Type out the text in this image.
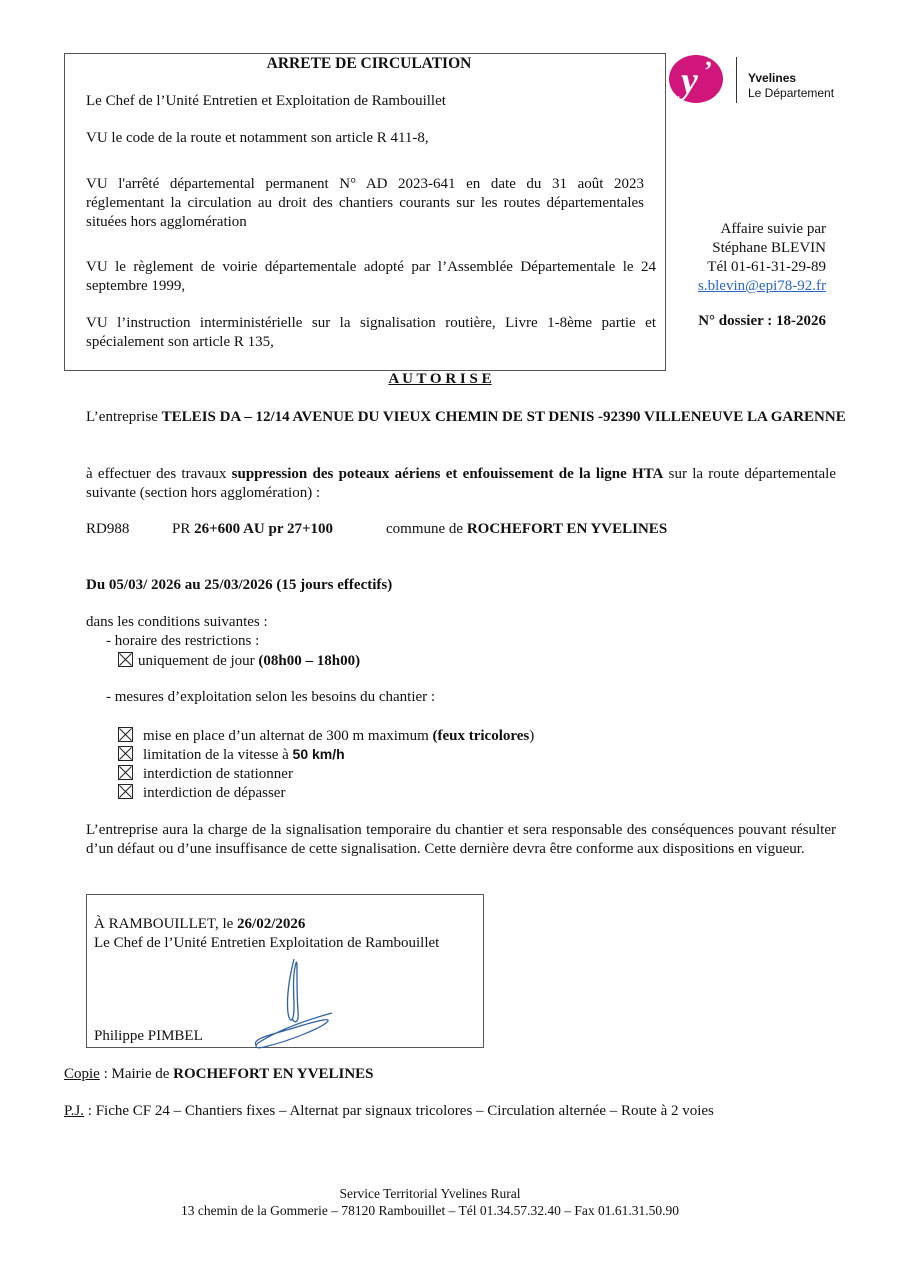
ARRETE DE CIRCULATION

Le Chef de l’Unité Entretien et Exploitation de Rambouillet

VU le code de la route et notamment son article R 411-8,

VU l'arrêté départemental permanent N° AD 2023-641 en date du 31 août 2023 réglementant la circulation au droit des chantiers courants sur les routes départementales situées hors agglomération

VU le règlement de voirie départementale adopté par l’Assemblée Départementale le 24 septembre 1999,

VU l’instruction interministérielle sur la signalisation routière, Livre 1-8ème partie et spécialement son article R 135,

y ’	Yvelines
Le Département
Affaire suivie par
Stéphane BLEVIN
Tél 01-61-31-29-89
s.blevin@epi78-92.fr
N° dossier : 18-2026
A U T O R I S E

L’entreprise TELEIS DA – 12/14 AVENUE DU VIEUX CHEMIN DE ST DENIS -92390 VILLENEUVE LA GARENNE

à effectuer des travaux suppression des poteaux aériens et enfouissement de la ligne HTA sur la route départementale suivante (section hors agglomération) :

RD988	PR 26+600 AU pr 27+100	commune de ROCHEFORT EN YVELINES
Du 05/03/ 2026 au 25/03/2026 (15 jours effectifs)
dans les conditions suivantes :
- horaire des restrictions :
uniquement de jour (08h00 – 18h00)
- mesures d’exploitation selon les besoins du chantier :
mise en place d’un alternat de 300 m maximum (feux tricolores)
limitation de la vitesse à 50 km/h
interdiction de stationner
interdiction de dépasser

L’entreprise aura la charge de la signalisation temporaire du chantier et sera responsable des conséquences pouvant résulter d’un défaut ou d’une insuffisance de cette signalisation. Cette dernière devra être conforme aux dispositions en vigueur.

À RAMBOUILLET, le 26/02/2026
Le Chef de l’Unité Entretien Exploitation de Rambouillet
Philippe PIMBEL
Copie : Mairie de ROCHEFORT EN YVELINES
P.J. : Fiche CF 24 – Chantiers fixes – Alternat par signaux tricolores – Circulation alternée – Route à 2 voies
Service Territorial Yvelines Rural
13 chemin de la Gommerie – 78120 Rambouillet – Tél 01.34.57.32.40 – Fax 01.61.31.50.90
